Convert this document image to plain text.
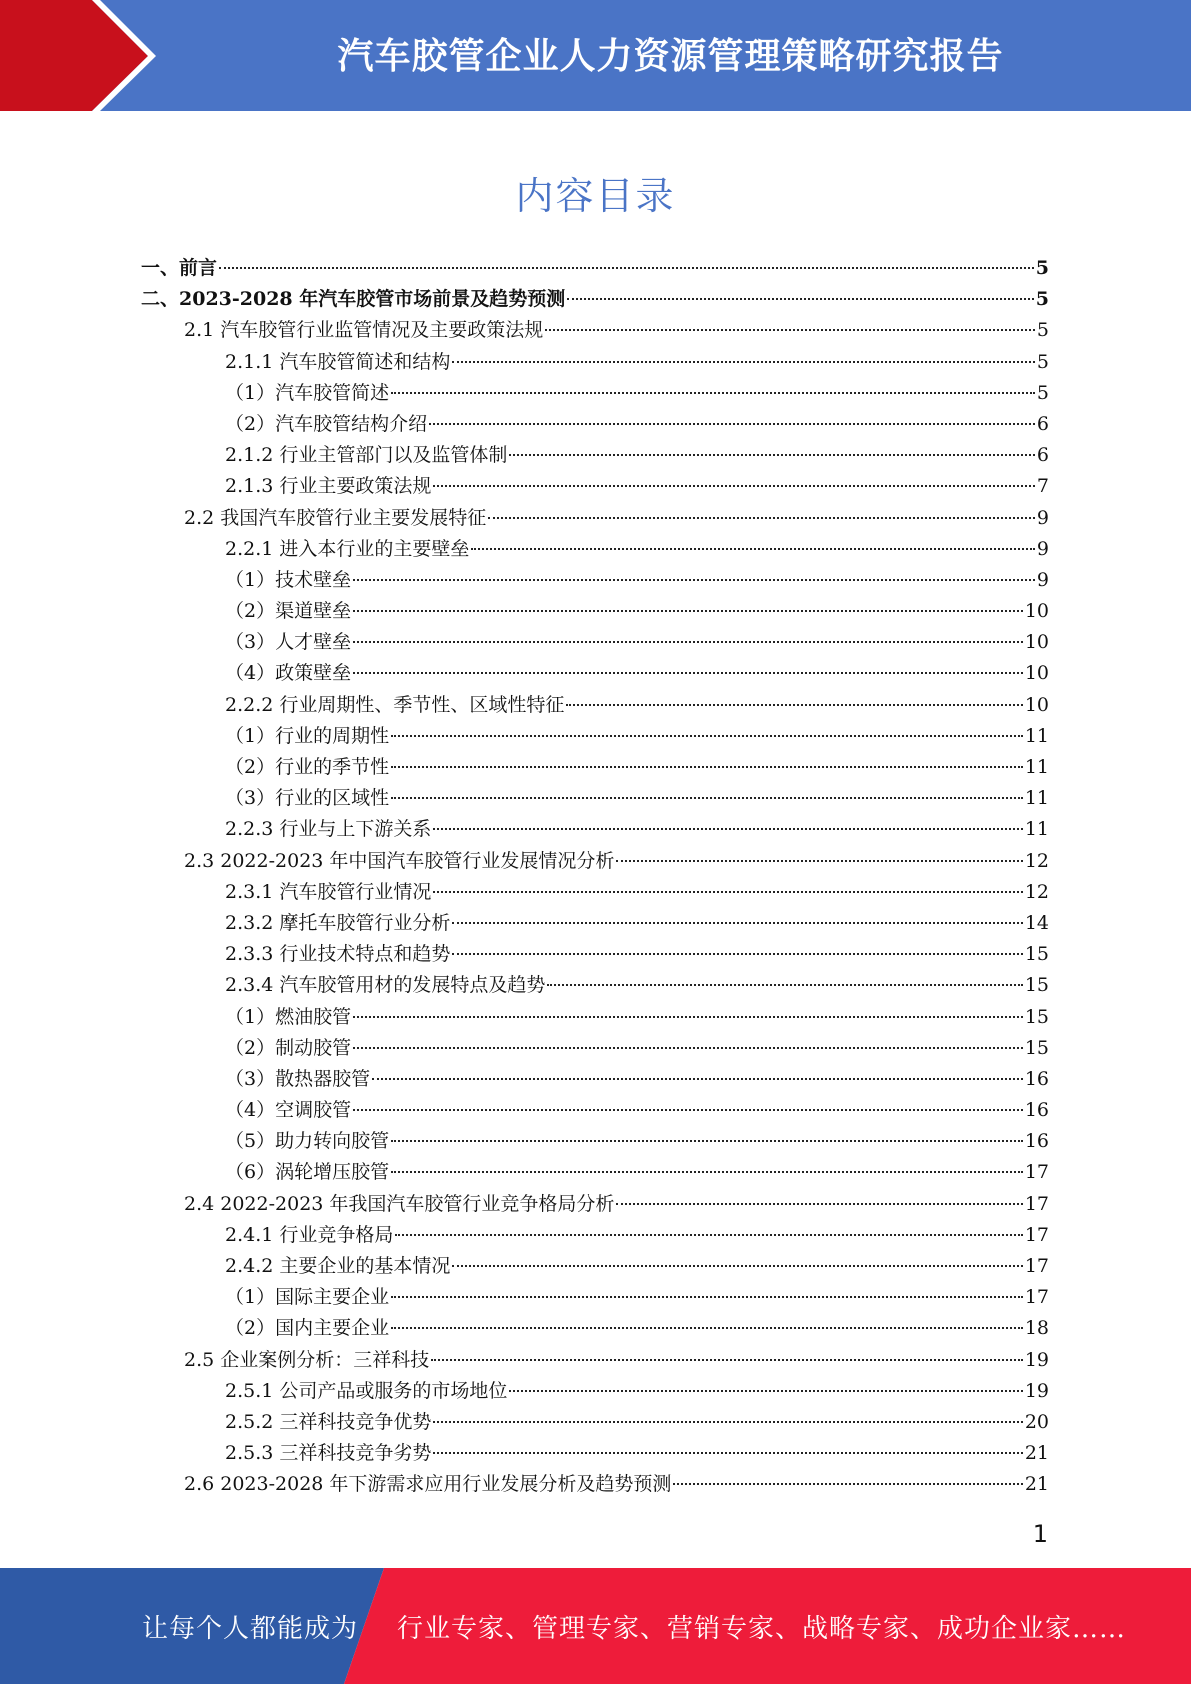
汽车胶管企业人力资源管理策略研究报告
内容目录
一、前言	5
二、2023-2028 年汽车胶管市场前景及趋势预测	5
2.1 汽车胶管行业监管情况及主要政策法规	5
2.1.1 汽车胶管简述和结构	5
（1）汽车胶管简述	5
（2）汽车胶管结构介绍	6
2.1.2 行业主管部门以及监管体制	6
2.1.3 行业主要政策法规	7
2.2 我国汽车胶管行业主要发展特征	9
2.2.1 进入本行业的主要壁垒	9
（1）技术壁垒	9
（2）渠道壁垒	10
（3）人才壁垒	10
（4）政策壁垒	10
2.2.2 行业周期性、季节性、区域性特征	10
（1）行业的周期性	11
（2）行业的季节性	11
（3）行业的区域性	11
2.2.3 行业与上下游关系	11
2.3 2022-2023 年中国汽车胶管行业发展情况分析	12
2.3.1 汽车胶管行业情况	12
2.3.2 摩托车胶管行业分析	14
2.3.3 行业技术特点和趋势	15
2.3.4 汽车胶管用材的发展特点及趋势	15
（1）燃油胶管	15
（2）制动胶管	15
（3）散热器胶管	16
（4）空调胶管	16
（5）助力转向胶管	16
（6）涡轮增压胶管	17
2.4 2022-2023 年我国汽车胶管行业竞争格局分析	17
2.4.1 行业竞争格局	17
2.4.2 主要企业的基本情况	17
（1）国际主要企业	17
（2）国内主要企业	18
2.5 企业案例分析：三祥科技	19
2.5.1 公司产品或服务的市场地位	19
2.5.2 三祥科技竞争优势	20
2.5.3 三祥科技竞争劣势	21
2.6 2023-2028 年下游需求应用行业发展分析及趋势预测	21
1
让每个人都能成为 行业专家、管理专家、营销专家、战略专家、成功企业家……
